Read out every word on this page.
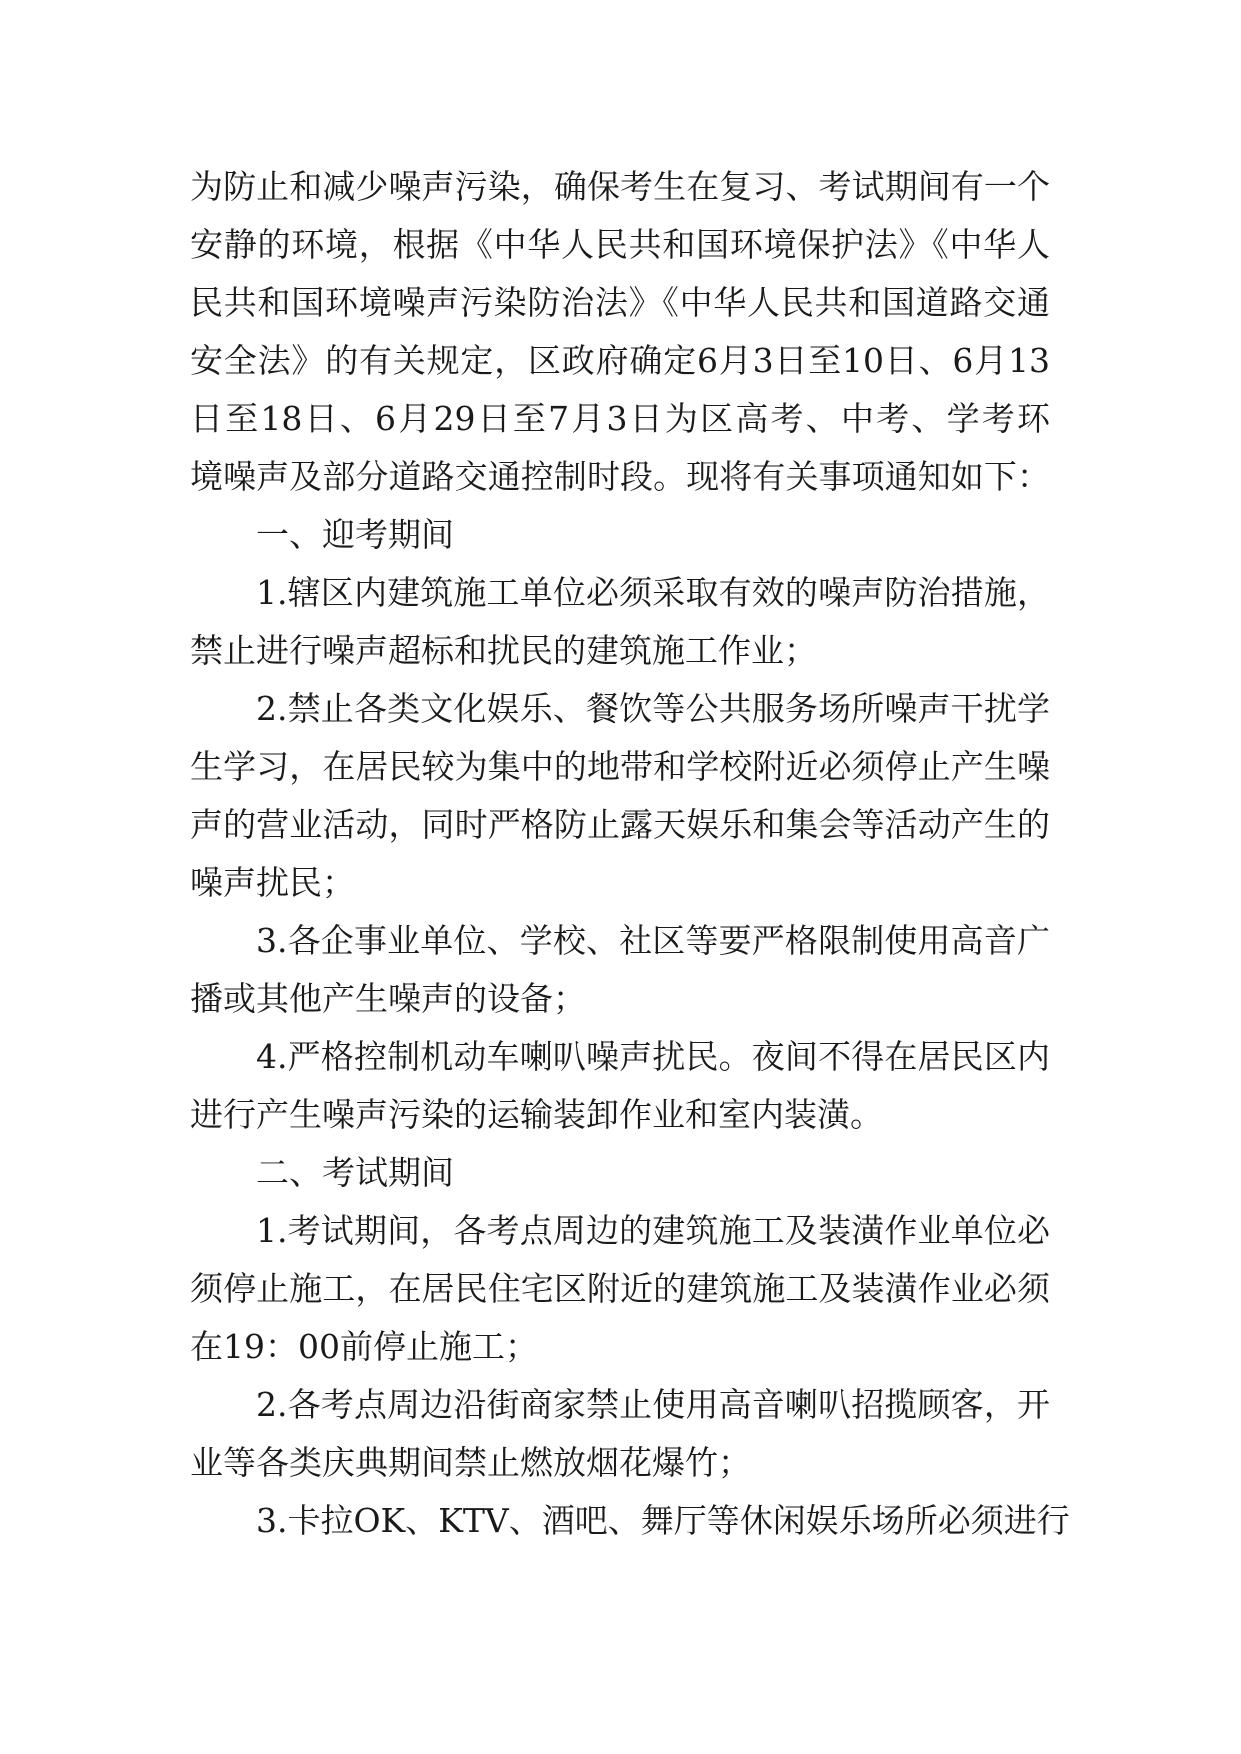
为防止和减少噪声污染，确保考生在复习、考试期间有一个
安静的环境，根据《中华人民共和国环境保护法》《中华人
民共和国环境噪声污染防治法》《中华人民共和国道路交通
安全法》的有关规定，区政府确定6月3日至10日、6月13
日至18日、6月29日至7月3日为区高考、中考、学考环
境噪声及部分道路交通控制时段。现将有关事项通知如下：
一、迎考期间
1.辖区内建筑施工单位必须采取有效的噪声防治措施，
禁止进行噪声超标和扰民的建筑施工作业；
2.禁止各类文化娱乐、餐饮等公共服务场所噪声干扰学
生学习，在居民较为集中的地带和学校附近必须停止产生噪
声的营业活动，同时严格防止露天娱乐和集会等活动产生的
噪声扰民；
3.各企事业单位、学校、社区等要严格限制使用高音广
播或其他产生噪声的设备；
4.严格控制机动车喇叭噪声扰民。夜间不得在居民区内
进行产生噪声污染的运输装卸作业和室内装潢。
二、考试期间
1.考试期间，各考点周边的建筑施工及装潢作业单位必
须停止施工，在居民住宅区附近的建筑施工及装潢作业必须
在19：00前停止施工；
2.各考点周边沿街商家禁止使用高音喇叭招揽顾客，开
业等各类庆典期间禁止燃放烟花爆竹；
3.卡拉OK、KTV、酒吧、舞厅等休闲娱乐场所必须进行
